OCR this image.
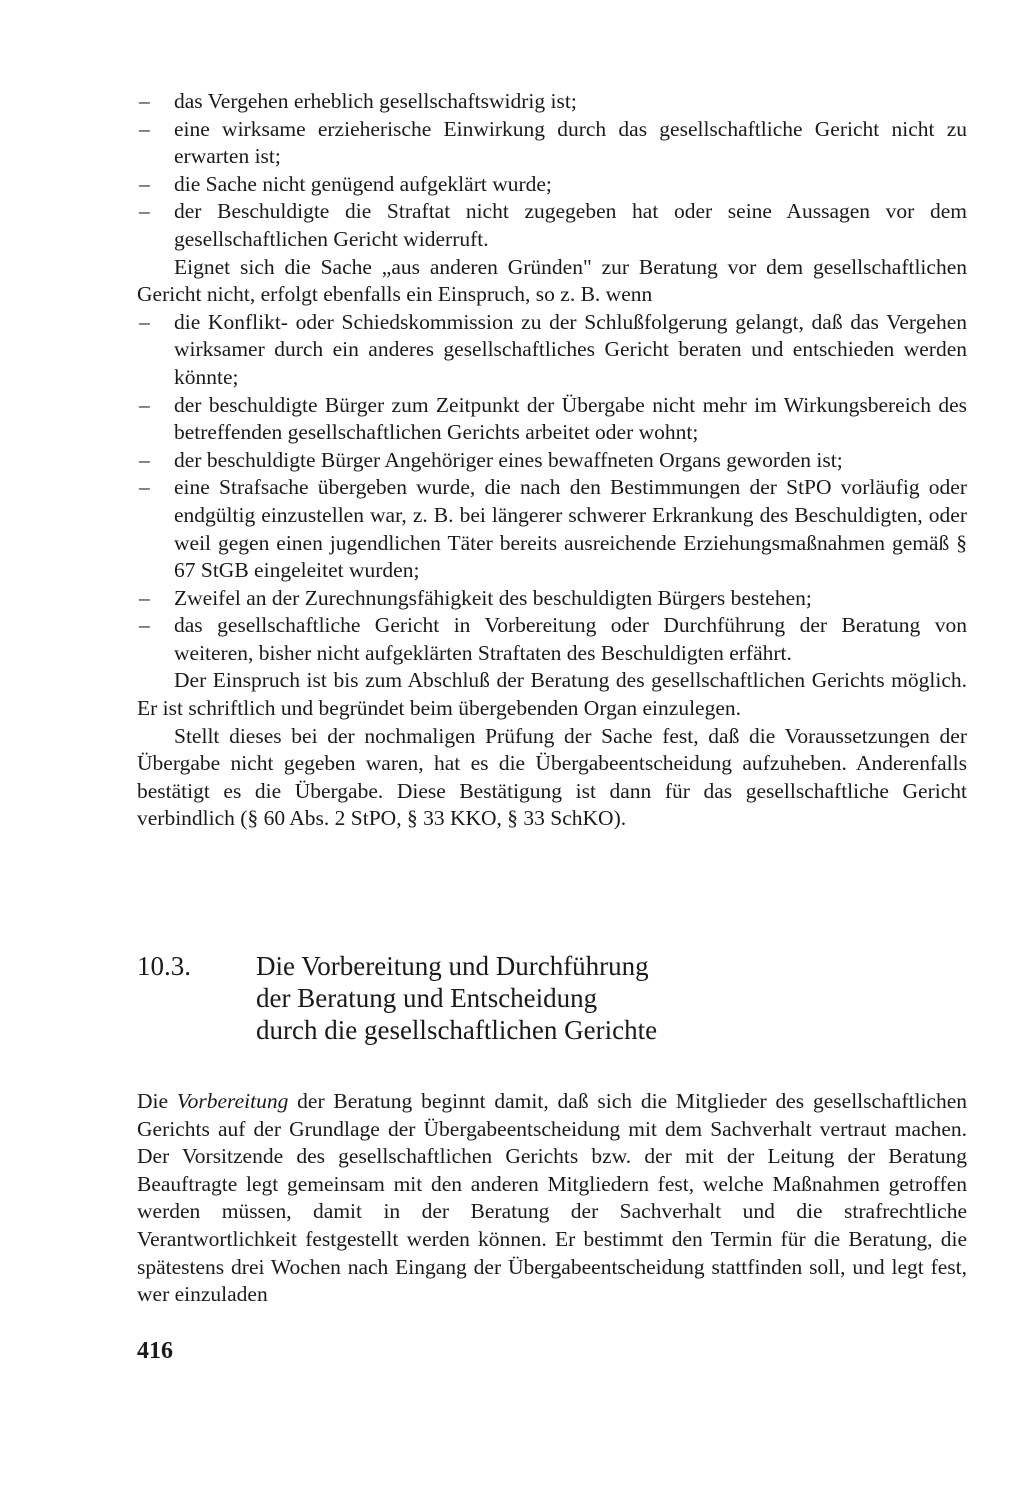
– das Vergehen erheblich gesellschaftswidrig ist;
– eine wirksame erzieherische Einwirkung durch das gesellschaftliche Gericht nicht zu erwarten ist;
– die Sache nicht genügend aufgeklärt wurde;
– der Beschuldigte die Straftat nicht zugegeben hat oder seine Aussagen vor dem gesellschaftlichen Gericht widerruft.
Eignet sich die Sache „aus anderen Gründen" zur Beratung vor dem gesellschaftlichen Gericht nicht, erfolgt ebenfalls ein Einspruch, so z. B. wenn
– die Konflikt- oder Schiedskommission zu der Schlußfolgerung gelangt, daß das Vergehen wirksamer durch ein anderes gesellschaftliches Gericht beraten und entschieden werden könnte;
– der beschuldigte Bürger zum Zeitpunkt der Übergabe nicht mehr im Wirkungsbereich des betreffenden gesellschaftlichen Gerichts arbeitet oder wohnt;
– der beschuldigte Bürger Angehöriger eines bewaffneten Organs geworden ist;
– eine Strafsache übergeben wurde, die nach den Bestimmungen der StPO vorläufig oder endgültig einzustellen war, z. B. bei längerer schwerer Erkrankung des Beschuldigten, oder weil gegen einen jugendlichen Täter bereits ausreichende Erziehungsmaßnahmen gemäß § 67 StGB eingeleitet wurden;
– Zweifel an der Zurechnungsfähigkeit des beschuldigten Bürgers bestehen;
– das gesellschaftliche Gericht in Vorbereitung oder Durchführung der Beratung von weiteren, bisher nicht aufgeklärten Straftaten des Beschuldigten erfährt.
Der Einspruch ist bis zum Abschluß der Beratung des gesellschaftlichen Gerichts möglich. Er ist schriftlich und begründet beim übergebenden Organ einzulegen.
Stellt dieses bei der nochmaligen Prüfung der Sache fest, daß die Voraussetzungen der Übergabe nicht gegeben waren, hat es die Übergabeentscheidung aufzuheben. Anderenfalls bestätigt es die Übergabe. Diese Bestätigung ist dann für das gesellschaftliche Gericht verbindlich (§ 60 Abs. 2 StPO, § 33 KKO, § 33 SchKO).
10.3. Die Vorbereitung und Durchführung
der Beratung und Entscheidung
durch die gesellschaftlichen Gerichte
Die Vorbereitung der Beratung beginnt damit, daß sich die Mitglieder des gesellschaftlichen Gerichts auf der Grundlage der Übergabeentscheidung mit dem Sachverhalt vertraut machen. Der Vorsitzende des gesellschaftlichen Gerichts bzw. der mit der Leitung der Beratung Beauftragte legt gemeinsam mit den anderen Mitgliedern fest, welche Maßnahmen getroffen werden müssen, damit in der Beratung der Sachverhalt und die strafrechtliche Verantwortlichkeit festgestellt werden können. Er bestimmt den Termin für die Beratung, die spätestens drei Wochen nach Eingang der Übergabeentscheidung stattfinden soll, und legt fest, wer einzuladen
416
